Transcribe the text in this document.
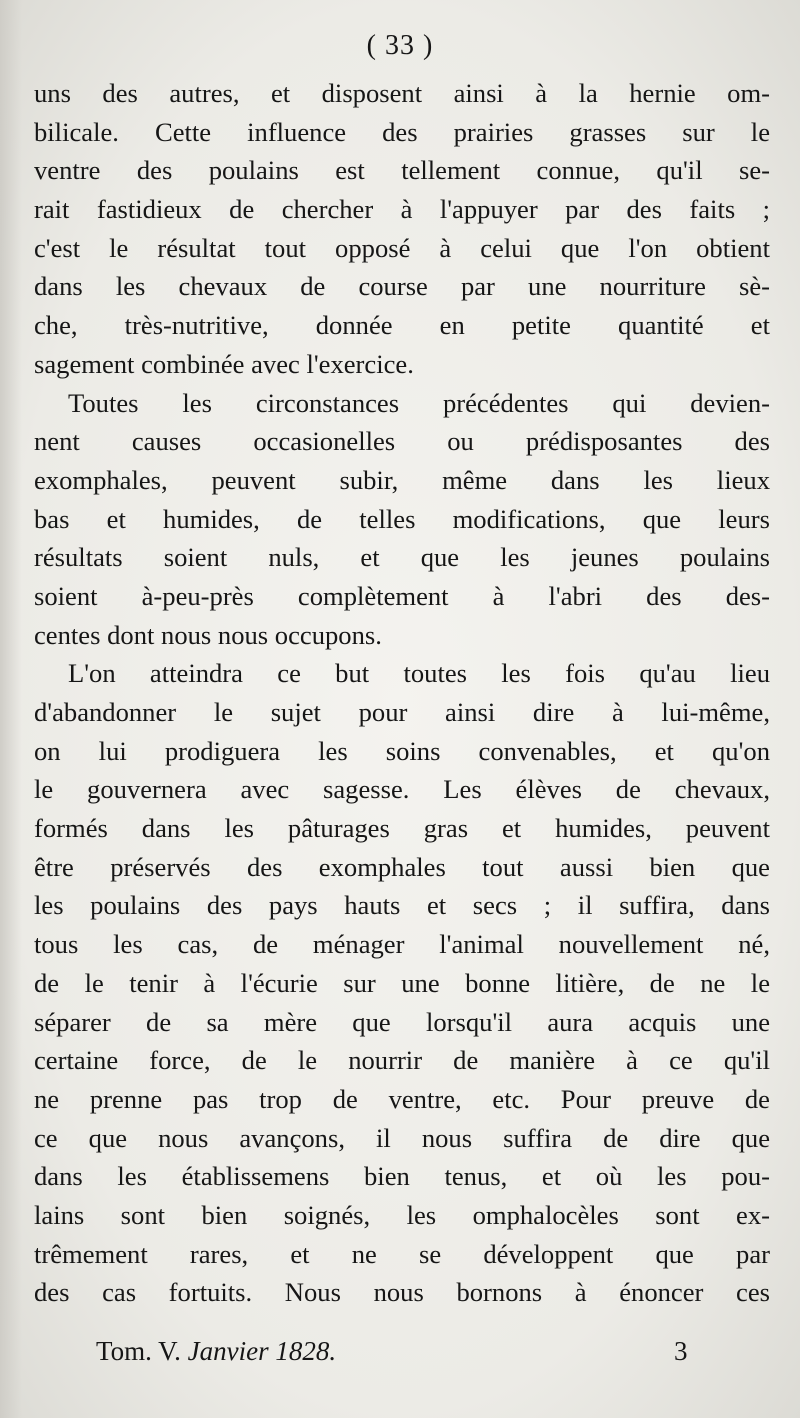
( 33 )
uns des autres, et disposent ainsi à la hernie om-
bilicale. Cette influence des prairies grasses sur le
ventre des poulains est tellement connue, qu'il se-
rait fastidieux de chercher à l'appuyer par des faits ;
c'est le résultat tout opposé à celui que l'on obtient
dans les chevaux de course par une nourriture sè-
che, très-nutritive, donnée en petite quantité et
sagement combinée avec l'exercice.
Toutes les circonstances précédentes qui devien-
nent causes occasionelles ou prédisposantes des
exomphales, peuvent subir, même dans les lieux
bas et humides, de telles modifications, que leurs
résultats soient nuls, et que les jeunes poulains
soient à-peu-près complètement à l'abri des des-
centes dont nous nous occupons.
L'on atteindra ce but toutes les fois qu'au lieu
d'abandonner le sujet pour ainsi dire à lui-même,
on lui prodiguera les soins convenables, et qu'on
le gouvernera avec sagesse. Les élèves de chevaux,
formés dans les pâturages gras et humides, peuvent
être préservés des exomphales tout aussi bien que
les poulains des pays hauts et secs ; il suffira, dans
tous les cas, de ménager l'animal nouvellement né,
de le tenir à l'écurie sur une bonne litière, de ne le
séparer de sa mère que lorsqu'il aura acquis une
certaine force, de le nourrir de manière à ce qu'il
ne prenne pas trop de ventre, etc. Pour preuve de
ce que nous avançons, il nous suffira de dire que
dans les établissemens bien tenus, et où les pou-
lains sont bien soignés, les omphalocèles sont ex-
trêmement rares, et ne se développent que par
des cas fortuits. Nous nous bornons à énoncer ces
Tom. V. Janvier 1828.	3
